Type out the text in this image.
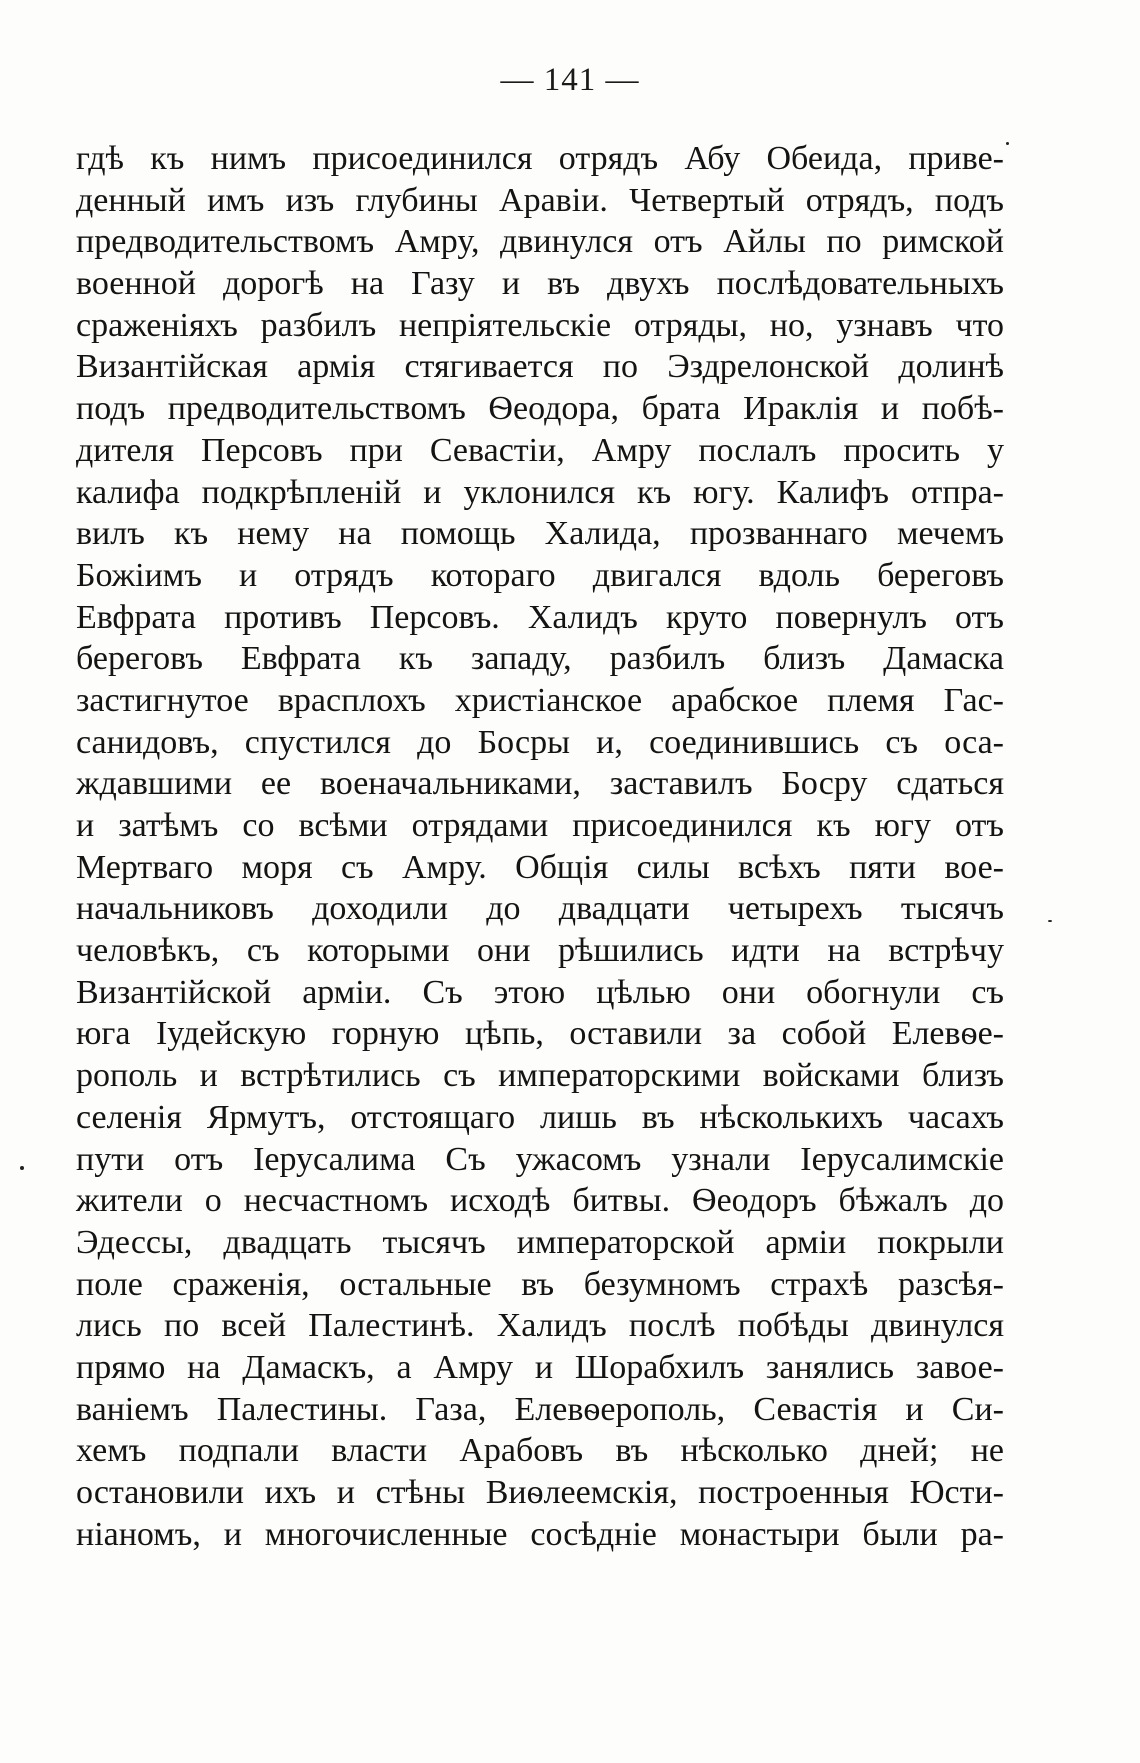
— 141 —
гдѣ къ нимъ присоединился отрядъ Абу Обеида, приве-
денный имъ изъ глубины Аравіи. Четвертый отрядъ, подъ
предводительствомъ Амру, двинулся отъ Айлы по римской
военной дорогѣ на Газу и въ двухъ послѣдовательныхъ
сраженіяхъ разбилъ непріятельскіе отряды, но, узнавъ что
Византійская армія стягивается по Эздрелонской долинѣ
подъ предводительствомъ Ѳеодора, брата Ираклія и побѣ-
дителя Персовъ при Севастіи, Амру послалъ просить у
калифа подкрѣпленій и уклонился къ югу. Калифъ отпра-
вилъ къ нему на помощь Халида, прозваннаго мечемъ
Божіимъ и отрядъ котораго двигался вдоль береговъ
Евфрата противъ Персовъ. Халидъ круто повернулъ отъ
береговъ Евфрата къ западу, разбилъ близъ Дамаска
застигнутое врасплохъ христіанское арабское племя Гас-
санидовъ, спустился до Босры и, соединившись съ оса-
ждавшими ее военачальниками, заставилъ Босру сдаться
и затѣмъ со всѣми отрядами присоединился къ югу отъ
Мертваго моря съ Амру. Общія силы всѣхъ пяти вое-
начальниковъ доходили до двадцати четырехъ тысячъ
человѣкъ, съ которыми они рѣшились идти на встрѣчу
Византійской арміи. Съ этою цѣлью они обогнули съ
юга Іудейскую горную цѣпь, оставили за собой Елевѳе-
рополь и встрѣтились съ императорскими войсками близъ
селенія Ярмутъ, отстоящаго лишь въ нѣсколькихъ часахъ
пути отъ Іерусалима Съ ужасомъ узнали Іерусалимскіе
жители о несчастномъ исходѣ битвы. Ѳеодоръ бѣжалъ до
Эдессы, двадцать тысячъ императорской арміи покрыли
поле сраженія, остальные въ безумномъ страхѣ разсѣя-
лись по всей Палестинѣ. Халидъ послѣ побѣды двинулся
прямо на Дамаскъ, а Амру и Шорабхилъ занялись завое-
ваніемъ Палестины. Газа, Елевѳерополь, Севастія и Си-
хемъ подпали власти Арабовъ въ нѣсколько дней; не
остановили ихъ и стѣны Виѳлеемскія, построенныя Юсти-
ніаномъ, и многочисленные сосѣдніе монастыри были ра-
